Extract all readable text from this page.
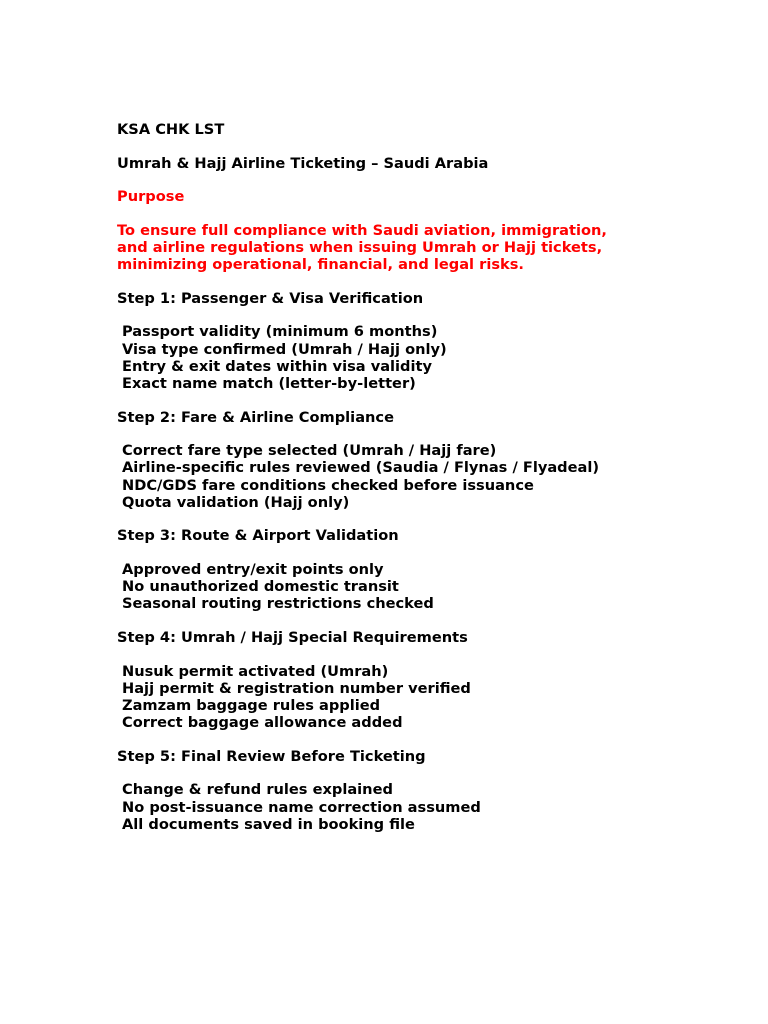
KSA CHK LST

Umrah & Hajj Airline Ticketing – Saudi Arabia

Purpose

To ensure full compliance with Saudi aviation, immigration,
and airline regulations when issuing Umrah or Hajj tickets,
minimizing operational, financial, and legal risks.

Step 1: Passenger & Visa Verification

Passport validity (minimum 6 months)
Visa type confirmed (Umrah / Hajj only)
Entry & exit dates within visa validity
Exact name match (letter-by-letter)

Step 2: Fare & Airline Compliance

Correct fare type selected (Umrah / Hajj fare)
Airline-specific rules reviewed (Saudia / Flynas / Flyadeal)
NDC/GDS fare conditions checked before issuance
Quota validation (Hajj only)

Step 3: Route & Airport Validation

Approved entry/exit points only
No unauthorized domestic transit
Seasonal routing restrictions checked

Step 4: Umrah / Hajj Special Requirements

Nusuk permit activated (Umrah)
Hajj permit & registration number verified
Zamzam baggage rules applied
Correct baggage allowance added

Step 5: Final Review Before Ticketing

Change & refund rules explained
No post-issuance name correction assumed
All documents saved in booking file
